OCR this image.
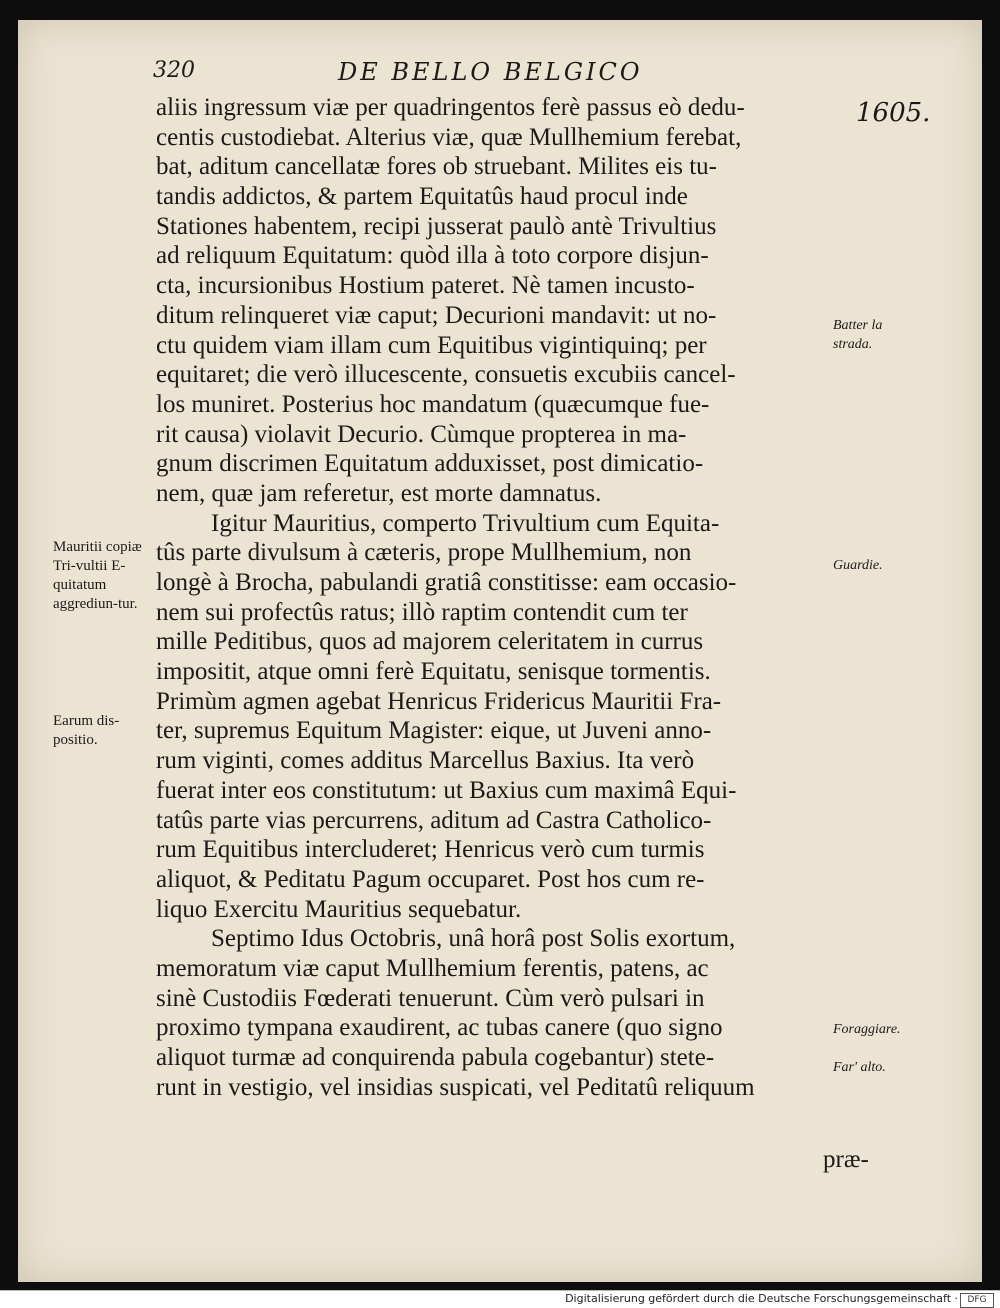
320	DE BELLO BELGICO
1605.
aliis ingressum viæ per quadringentos ferè passus eò dedu-
centis custodiebat. Alterius viæ, quæ Mullhemium ferebat,
bat, aditum cancellatæ fores ob struebant. Milites eis tu-
tandis addictos, & partem Equitatûs haud procul inde
Stationes habentem, recipi jusserat paulò antè Trivultius
ad reliquum Equitatum: quòd illa à toto corpore disjun-
cta, incursionibus Hostium pateret. Nè tamen incusto-
ditum relinqueret viæ caput; Decurioni mandavit: ut no-
ctu quidem viam illam cum Equitibus vigintiquinq; per
equitaret; die verò illucescente, consuetis excubiis cancel-
los muniret. Posterius hoc mandatum (quæcumque fue-
rit causa) violavit Decurio. Cùmque propterea in ma-
gnum discrimen Equitatum adduxisset, post dimicatio-
nem, quæ jam referetur, est morte damnatus.
Igitur Mauritius, comperto Trivultium cum Equita-
tûs parte divulsum à cæteris, prope Mullhemium, non
longè à Brocha, pabulandi gratiâ constitisse: eam occasio-
nem sui profectûs ratus; illò raptim contendit cum ter
mille Peditibus, quos ad majorem celeritatem in currus
impositit, atque omni ferè Equitatu, senisque tormentis.
Primùm agmen agebat Henricus Fridericus Mauritii Fra-
ter, supremus Equitum Magister: eique, ut Juveni anno-
rum viginti, comes additus Marcellus Baxius. Ita verò
fuerat inter eos constitutum: ut Baxius cum maximâ Equi-
tatûs parte vias percurrens, aditum ad Castra Catholico-
rum Equitibus intercluderet; Henricus verò cum turmis
aliquot, & Peditatu Pagum occuparet. Post hos cum re-
liquo Exercitu Mauritius sequebatur.
Septimo Idus Octobris, unâ horâ post Solis exortum,
memoratum viæ caput Mullhemium ferentis, patens, ac
sinè Custodiis Fœderati tenuerunt. Cùm verò pulsari in
proximo tympana exaudirent, ac tubas canere (quo signo
aliquot turmæ ad conquirenda pabula cogebantur) stete-
runt in vestigio, vel insidias suspicati, vel Peditatû reliquum
Mauritii copiæ Tri-vultii E-quitatum aggrediun-tur.
Earum dis-positio.
Batter la strada.
Guardie.
Foraggiare.
Far' alto.
præ-
Digitalisierung gefördert durch die Deutsche Forschungsgemeinschaft ·	DFG
